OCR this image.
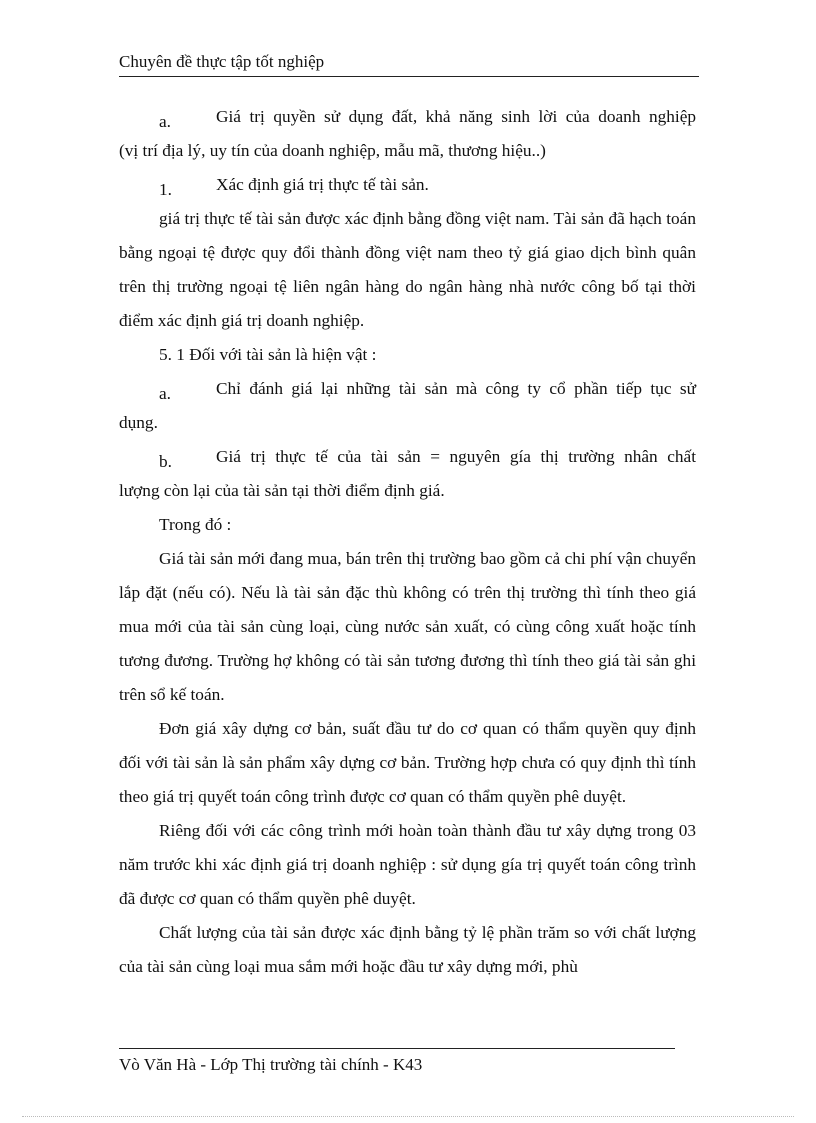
Chuyên đề thực tập tốt nghiệp
a.	Giá trị quyền sử dụng đất, khả năng sinh lời của doanh nghiệp

(vị trí địa lý, uy tín của doanh nghiệp, mẫu mã, thương hiệu..)

1.	Xác định giá trị thực tế tài sản.

giá trị thực tế tài sản được xác định bằng đồng việt nam. Tài sản đã hạch toán bằng ngoại tệ được quy đổi thành đồng việt nam theo tỷ giá giao dịch bình quân trên thị trường ngoại tệ liên ngân hàng do ngân hàng nhà nước công bố tại thời điểm xác định giá trị doanh nghiệp.

5. 1 Đối với tài sản là hiện vật :

a.	Chỉ đánh giá lại những tài sản mà công ty cổ phần tiếp tục sử

dụng.

b.	Giá trị thực tế của tài sản = nguyên gía thị trường nhân chất

lượng còn lại của tài sản tại thời điểm định giá.

Trong đó :

Giá tài sản mới đang mua, bán trên thị trường bao gồm cả chi phí vận chuyển lắp đặt (nếu có). Nếu là tài sản đặc thù không có trên thị trường thì tính theo giá mua mới của tài sản cùng loại, cùng nước sản xuất, có cùng công xuất hoặc tính tương đương. Trường hợ không có tài sản tương đương thì tính theo giá tài sản ghi trên sổ kế toán.

Đơn giá xây dựng cơ bản, suất đầu tư do cơ quan có thẩm quyền quy định đối với tài sản là sản phẩm xây dựng cơ bản. Trường hợp chưa có quy định thì tính theo giá trị quyết toán công trình được cơ quan có thẩm quyền phê duyệt.

Riêng đối với các công trình mới hoàn toàn thành đầu tư xây dựng trong 03 năm trước khi xác định giá trị doanh nghiệp : sử dụng gía trị quyết toán công trình đã được cơ quan có thẩm quyền phê duyệt.

Chất lượng của tài sản được xác định bằng tỷ lệ phần trăm so với chất lượng của tài sản cùng loại mua sắm mới hoặc đầu tư xây dựng mới, phù

Vò Văn Hà - Lớp Thị trường tài chính - K43
